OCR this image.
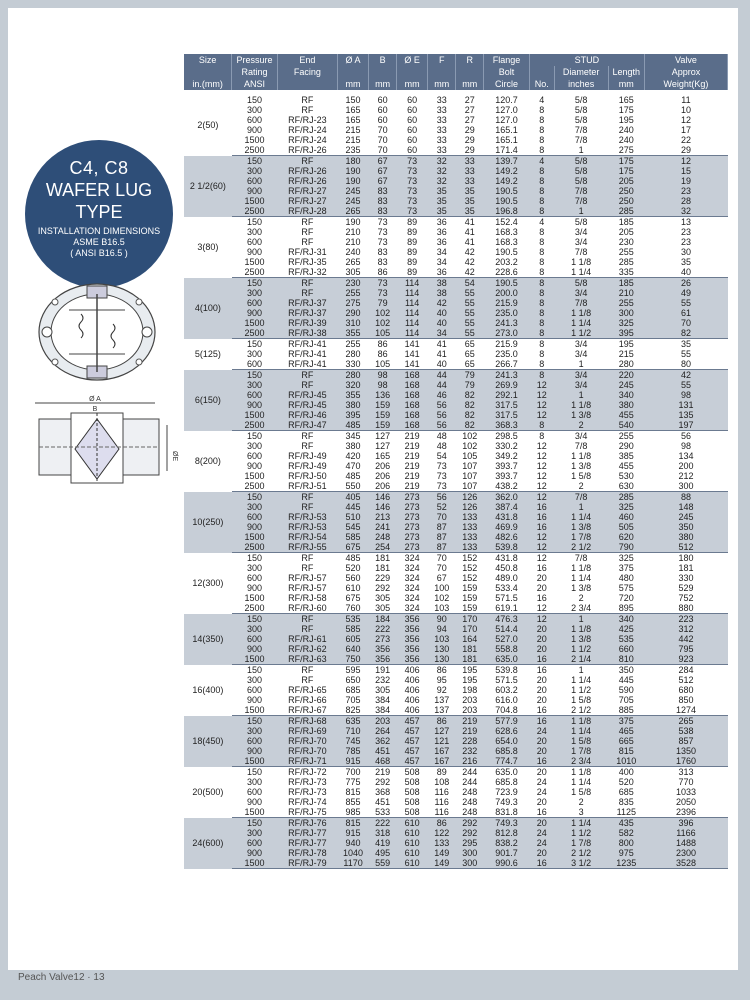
C4, C8
WAFER LUG
TYPE
INSTALLATION DIMENSIONS
ASME B16.5
( ANSI B16.5 )
Ø A
B
ØE
Size	Pressure	End	Ø A	B	Ø E	F	R	Flange	STUD			Valve
	Rating	Facing						Bolt		Diameter	Length	Approx
in.(mm)	ANSI		mm	mm	mm	mm	mm	Circle	No.	inches	mm	Weight(Kg)

2(50)	150	RF	150	60	60	33	27	120.7	4	5/8	165	11
	300	RF	165	60	60	33	27	127.0	8	5/8	175	10
	600	RF/RJ-23	165	60	60	33	27	127.0	8	5/8	195	12
	900	RF/RJ-24	215	70	60	33	29	165.1	8	7/8	240	17
	1500	RF/RJ-24	215	70	60	33	29	165.1	8	7/8	240	22
	2500	RF/RJ-26	235	70	60	33	29	171.4	8	1	275	29
2 1/2(60)	150	RF	180	67	73	32	33	139.7	4	5/8	175	12
	300	RF/RJ-26	190	67	73	32	33	149.2	8	5/8	175	15
	600	RF/RJ-26	190	67	73	32	33	149.2	8	5/8	205	19
	900	RF/RJ-27	245	83	73	35	35	190.5	8	7/8	250	23
	1500	RF/RJ-27	245	83	73	35	35	190.5	8	7/8	250	28
	2500	RF/RJ-28	265	83	73	35	35	196.8	8	1	285	32
3(80)	150	RF	190	73	89	36	41	152.4	4	5/8	185	13
	300	RF	210	73	89	36	41	168.3	8	3/4	205	23
	600	RF	210	73	89	36	41	168.3	8	3/4	230	23
	900	RF/RJ-31	240	83	89	34	42	190.5	8	7/8	255	30
	1500	RF/RJ-35	265	83	89	34	42	203.2	8	1 1/8	285	35
	2500	RF/RJ-32	305	86	89	36	42	228.6	8	1 1/4	335	40
4(100)	150	RF	230	73	114	38	54	190.5	8	5/8	185	26
	300	RF	255	73	114	38	55	200.0	8	3/4	210	49
	600	RF/RJ-37	275	79	114	42	55	215.9	8	7/8	255	55
	900	RF/RJ-37	290	102	114	40	55	235.0	8	1 1/8	300	61
	1500	RF/RJ-39	310	102	114	40	55	241.3	8	1 1/4	325	70
	2500	RF/RJ-38	355	105	114	34	55	273.0	8	1 1/2	395	82
5(125)	150	RF/RJ-41	255	86	141	41	65	215.9	8	3/4	195	35
	300	RF/RJ-41	280	86	141	41	65	235.0	8	3/4	215	55
	600	RF/RJ-41	330	105	141	40	65	266.7	8	1	280	80
6(150)	150	RF	280	98	168	44	79	241.3	8	3/4	220	42
	300	RF	320	98	168	44	79	269.9	12	3/4	245	55
	600	RF/RJ-45	355	136	168	46	82	292.1	12	1	340	98
	900	RF/RJ-45	380	159	168	56	82	317.5	12	1 1/8	380	131
	1500	RF/RJ-46	395	159	168	56	82	317.5	12	1 3/8	455	135
	2500	RF/RJ-47	485	159	168	56	82	368.3	8	2	540	197
8(200)	150	RF	345	127	219	48	102	298.5	8	3/4	255	56
	300	RF	380	127	219	48	102	330.2	12	7/8	290	98
	600	RF/RJ-49	420	165	219	54	105	349.2	12	1 1/8	385	134
	900	RF/RJ-49	470	206	219	73	107	393.7	12	1 3/8	455	200
	1500	RF/RJ-50	485	206	219	73	107	393.7	12	1 5/8	530	212
	2500	RF/RJ-51	550	206	219	73	107	438.2	12	2	630	300
10(250)	150	RF	405	146	273	56	126	362.0	12	7/8	285	88
	300	RF	445	146	273	52	126	387.4	16	1	325	148
	600	RF/RJ-53	510	213	273	70	133	431.8	16	1 1/4	460	245
	900	RF/RJ-53	545	241	273	87	133	469.9	16	1 3/8	505	350
	1500	RF/RJ-54	585	248	273	87	133	482.6	12	1 7/8	620	380
	2500	RF/RJ-55	675	254	273	87	133	539.8	12	2 1/2	790	512
12(300)	150	RF	485	181	324	70	152	431.8	12	7/8	325	180
	300	RF	520	181	324	70	152	450.8	16	1 1/8	375	181
	600	RF/RJ-57	560	229	324	67	152	489.0	20	1 1/4	480	330
	900	RF/RJ-57	610	292	324	100	159	533.4	20	1 3/8	575	529
	1500	RF/RJ-58	675	305	324	102	159	571.5	16	2	720	752
	2500	RF/RJ-60	760	305	324	103	159	619.1	12	2 3/4	895	880
14(350)	150	RF	535	184	356	90	170	476.3	12	1	340	223
	300	RF	585	222	356	94	170	514.4	20	1 1/8	425	312
	600	RF/RJ-61	605	273	356	103	164	527.0	20	1 3/8	535	442
	900	RF/RJ-62	640	356	356	130	181	558.8	20	1 1/2	660	795
	1500	RF/RJ-63	750	356	356	130	181	635.0	16	2 1/4	810	923
16(400)	150	RF	595	191	406	86	195	539.8	16	1	350	284
	300	RF	650	232	406	95	195	571.5	20	1 1/4	445	512
	600	RF/RJ-65	685	305	406	92	198	603.2	20	1 1/2	590	680
	900	RF/RJ-66	705	384	406	137	203	616.0	20	1 5/8	705	850
	1500	RF/RJ-67	825	384	406	137	203	704.8	16	2 1/2	885	1274
18(450)	150	RF/RJ-68	635	203	457	86	219	577.9	16	1 1/8	375	265
	300	RF/RJ-69	710	264	457	127	219	628.6	24	1 1/4	465	538
	600	RF/RJ-70	745	362	457	121	228	654.0	20	1 5/8	665	857
	900	RF/RJ-70	785	451	457	167	232	685.8	20	1 7/8	815	1350
	1500	RF/RJ-71	915	468	457	167	216	774.7	16	2 3/4	1010	1760
20(500)	150	RF/RJ-72	700	219	508	89	244	635.0	20	1 1/8	400	313
	300	RF/RJ-73	775	292	508	108	244	685.8	24	1 1/4	520	770
	600	RF/RJ-73	815	368	508	116	248	723.9	24	1 5/8	685	1033
	900	RF/RJ-74	855	451	508	116	248	749.3	20	2	835	2050
	1500	RF/RJ-75	985	533	508	116	248	831.8	16	3	1125	2396
24(600)	150	RF/RJ-76	815	222	610	86	292	749.3	20	1 1/4	435	396
	300	RF/RJ-77	915	318	610	122	292	812.8	24	1 1/2	582	1166
	600	RF/RJ-77	940	419	610	133	295	838.2	24	1 7/8	800	1488
	900	RF/RJ-78	1040	495	610	149	300	901.7	20	2 1/2	975	2300
	1500	RF/RJ-79	1170	559	610	149	300	990.6	16	3 1/2	1235	3528
Peach Valve12 · 13
